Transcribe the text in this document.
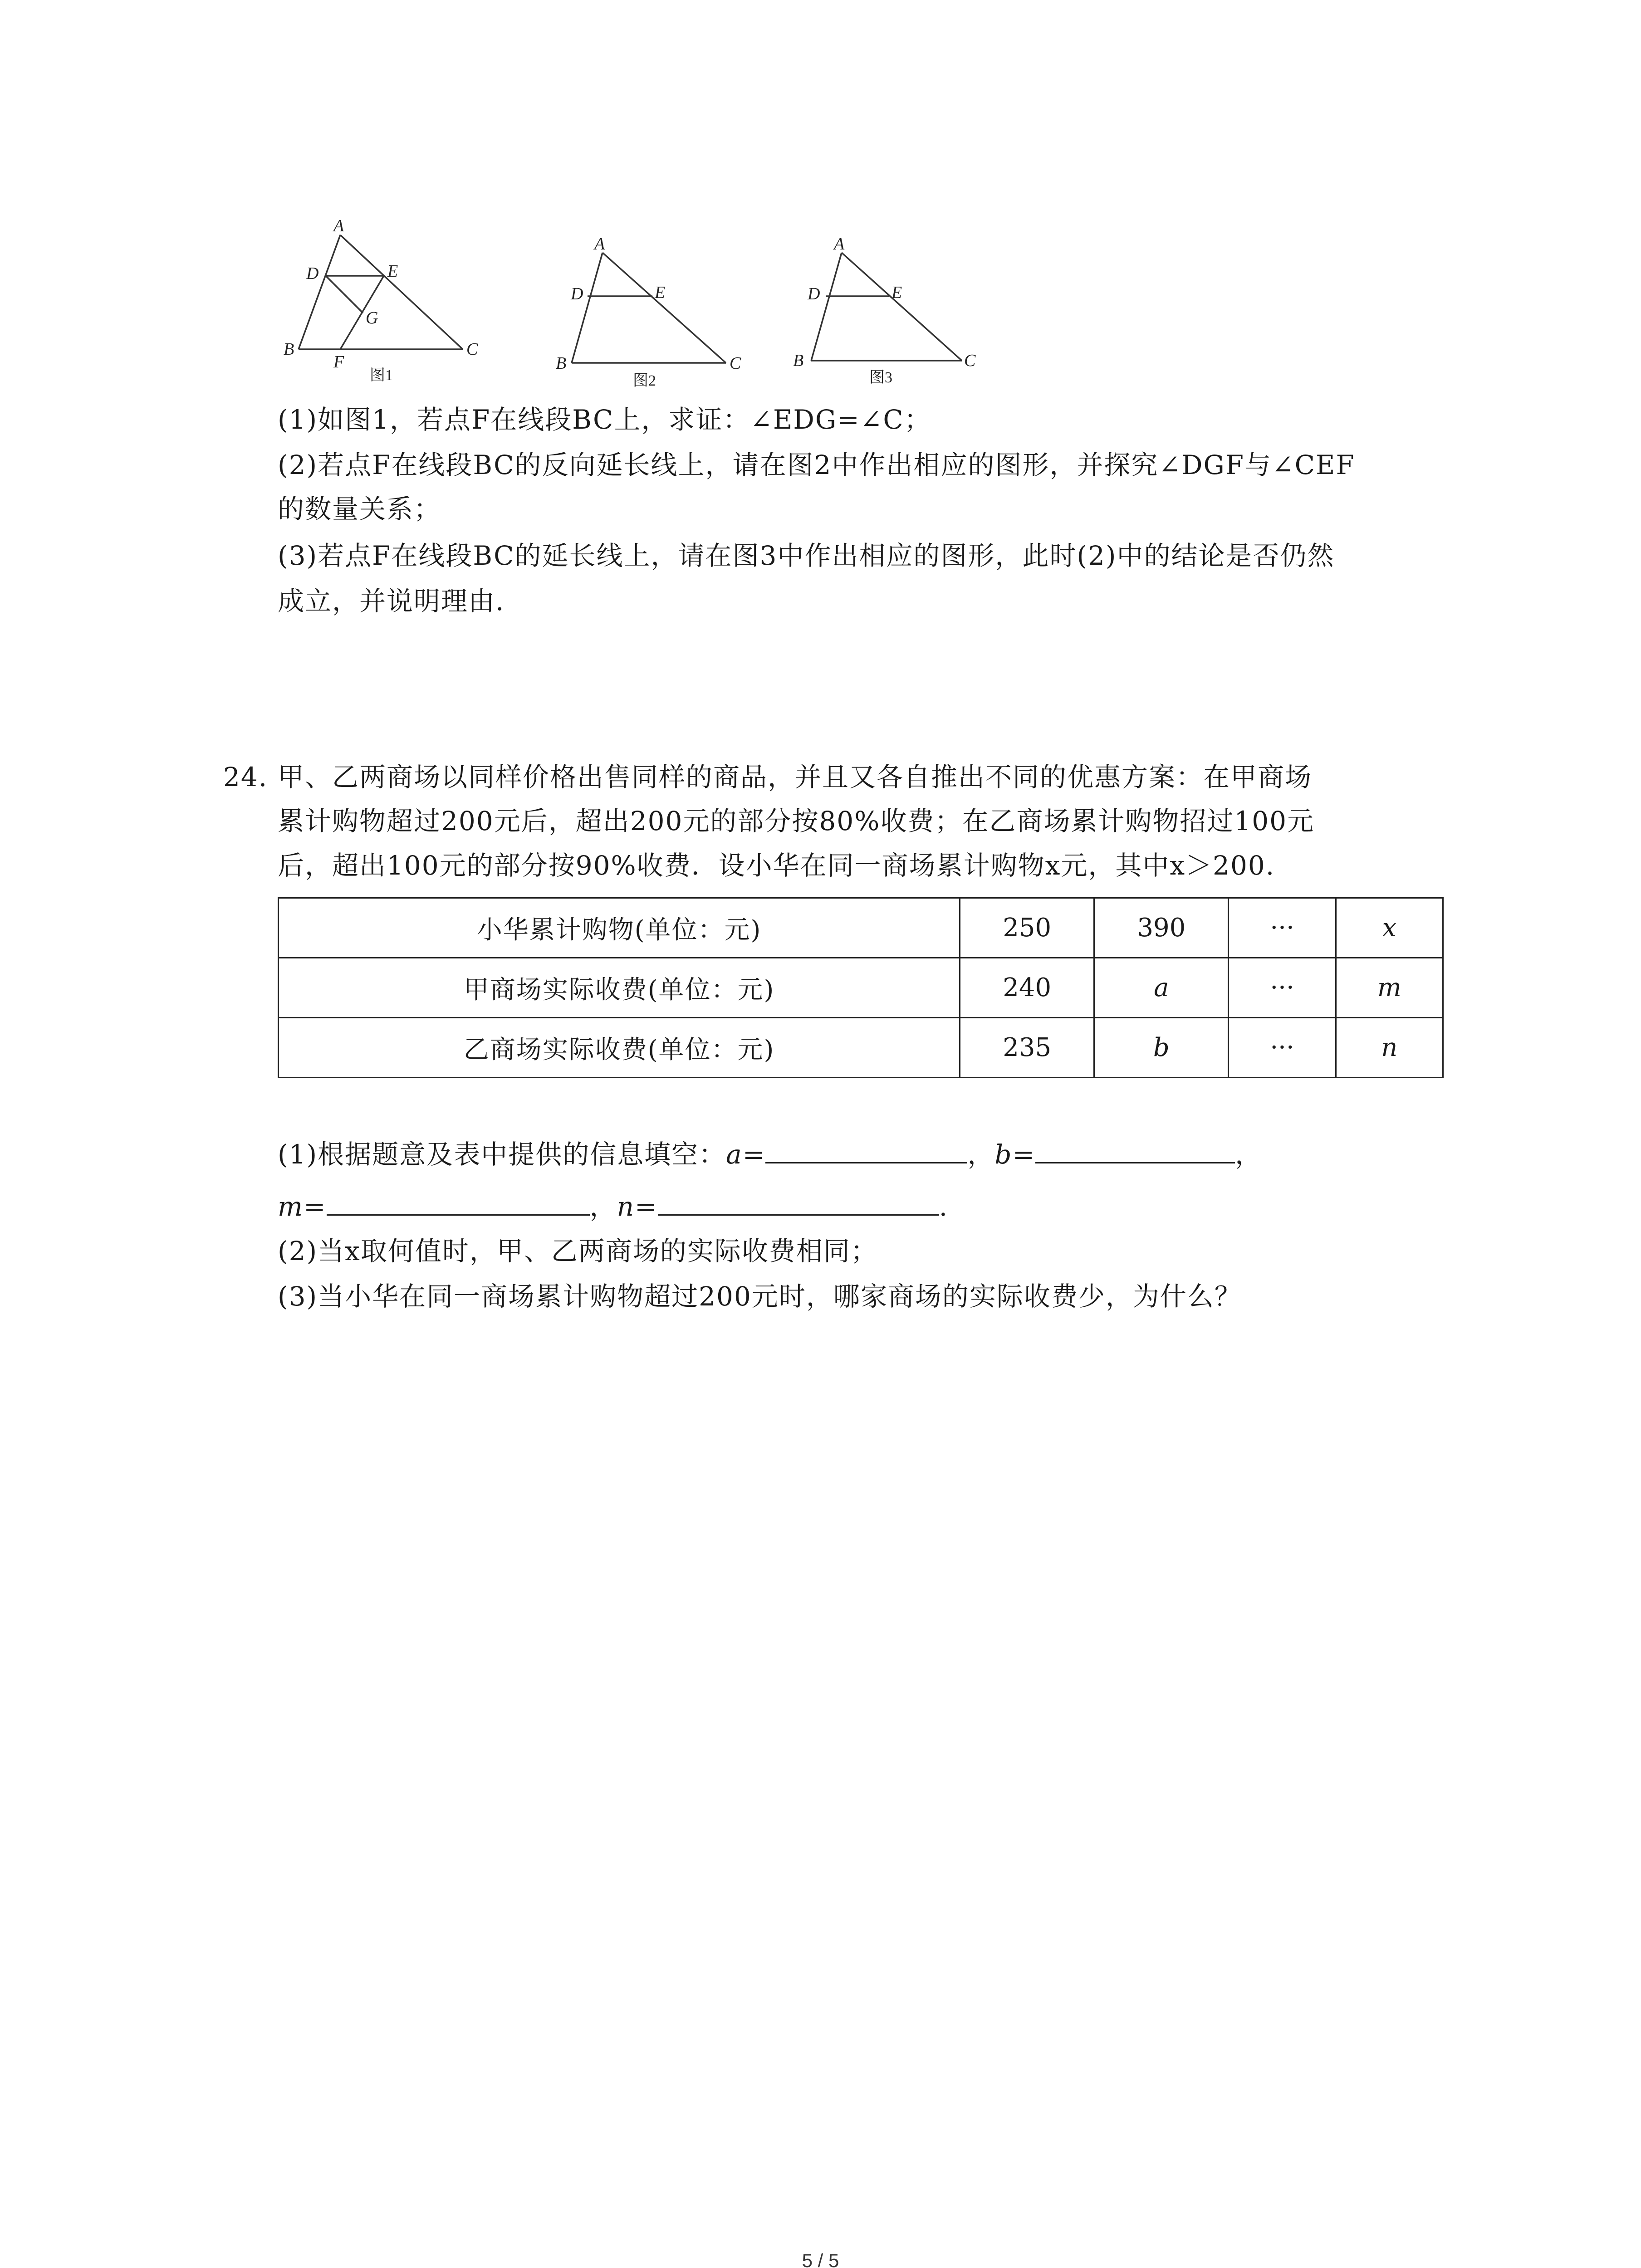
A
D	E
G
B
F
C
图1
A
D	E
B	C
图2
A
D	E
B	C
图3
(1)如图1，若点F在线段BC上，求证：∠EDG=∠C；
(2)若点F在线段BC的反向延长线上，请在图2中作出相应的图形，并探究∠DGF与∠CEF
的数量关系；
(3)若点F在线段BC的延长线上，请在图3中作出相应的图形，此时(2)中的结论是否仍然
成立，并说明理由.
24. 甲、乙两商场以同样价格出售同样的商品，并且又各自推出不同的优惠方案：在甲商场
累计购物超过200元后，超出200元的部分按80%收费；在乙商场累计购物招过100元
后，超出100元的部分按90%收费．设小华在同一商场累计购物x元，其中x＞200.
小华累计购物(单位：元)	250	390	···	x
甲商场实际收费(单位：元)	240	a	···	m
乙商场实际收费(单位：元)	235	b	···	n
(1)根据题意及表中提供的信息填空：a=	，b=	，
m=	，n=	.
(2)当x取何值时，甲、乙两商场的实际收费相同；
(3)当小华在同一商场累计购物超过200元时，哪家商场的实际收费少，为什么？
5 / 5
